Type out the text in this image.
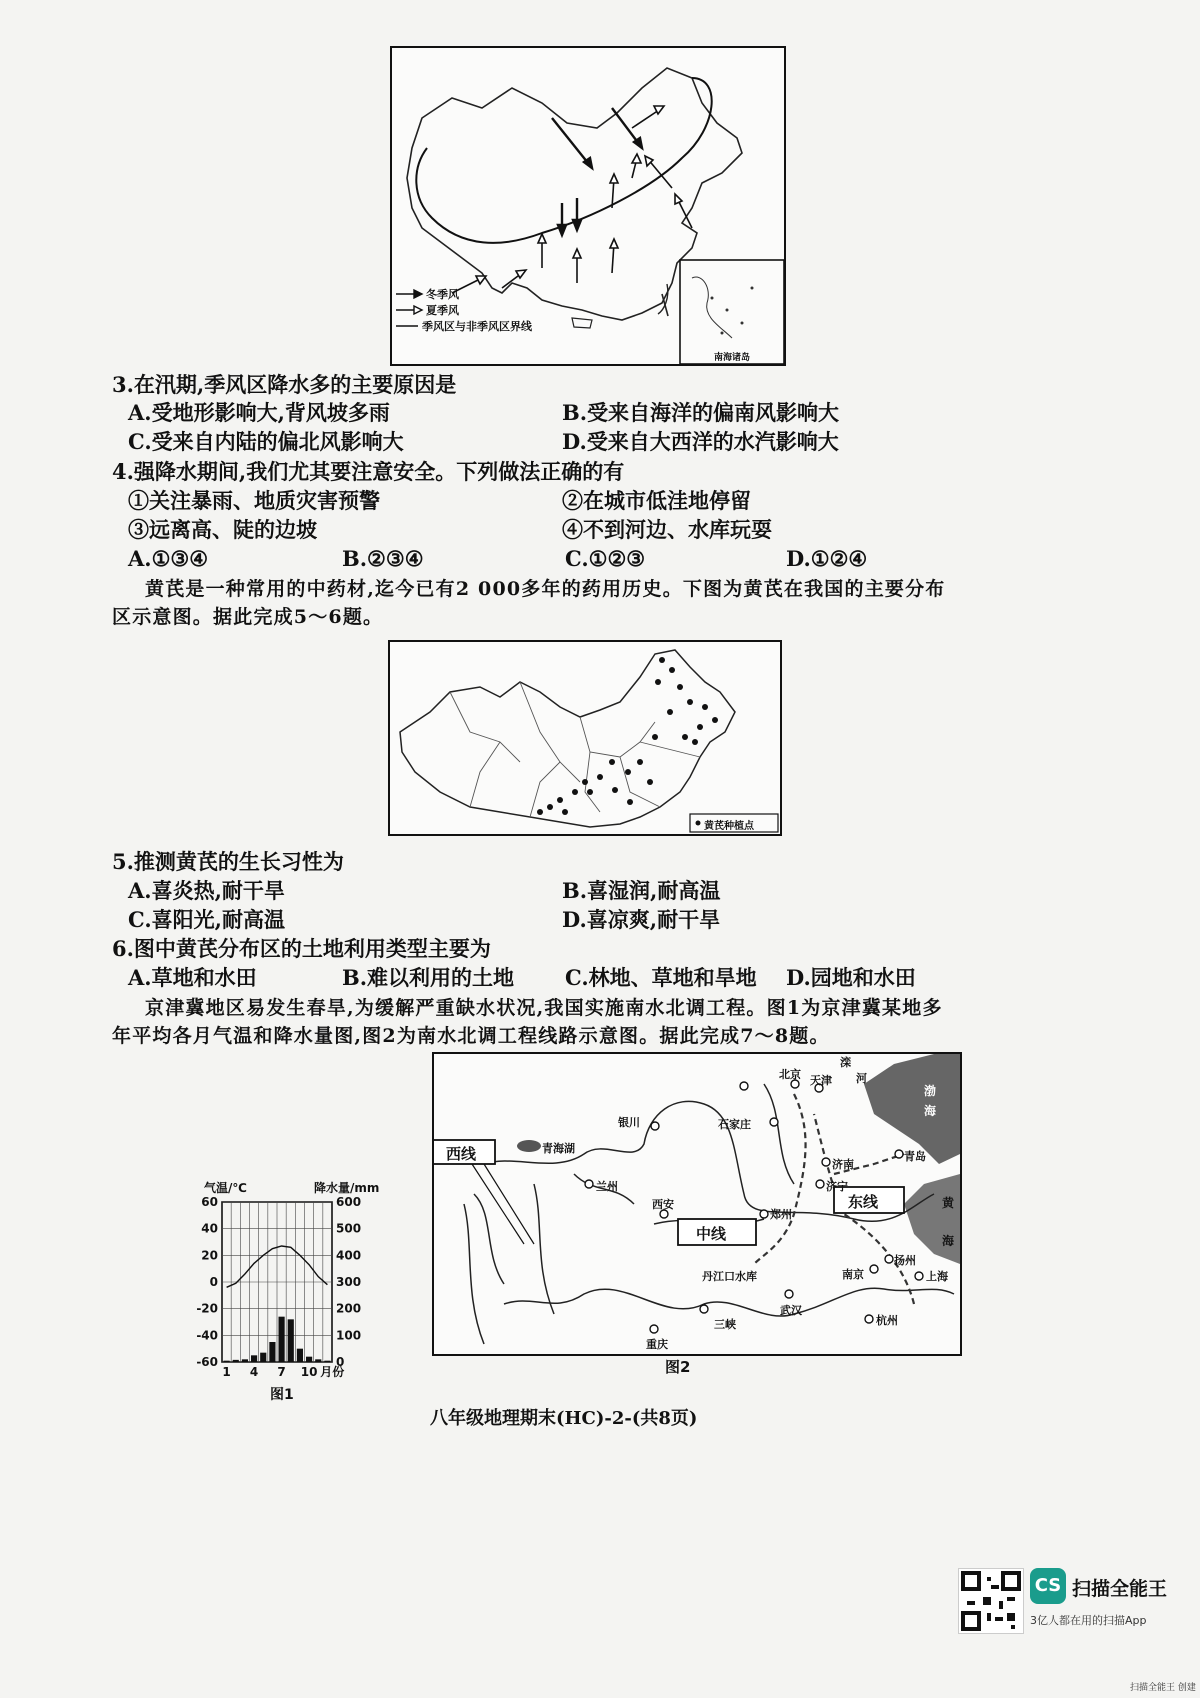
冬季风
夏季风
季风区与非季风区界线
南海诸岛
3.在汛期,季风区降水多的主要原因是
A.受地形影响大,背风坡多雨	B.受来自海洋的偏南风影响大
C.受来自内陆的偏北风影响大	D.受来自大西洋的水汽影响大
4.强降水期间,我们尤其要注意安全。下列做法正确的有
①关注暴雨、地质灾害预警	②在城市低洼地停留
③远离高、陡的边坡	④不到河边、水库玩耍
A.①③④	B.②③④	C.①②③	D.①②④
黄芪是一种常用的中药材,迄今已有2 000多年的药用历史。下图为黄芪在我国的主要分布
区示意图。据此完成5～6题。
黄芪种植点
5.推测黄芪的生长习性为
A.喜炎热,耐干旱	B.喜湿润,耐高温
C.喜阳光,耐高温	D.喜凉爽,耐干旱
6.图中黄芪分布区的土地利用类型主要为
A.草地和水田	B.难以利用的土地 C.林地、草地和旱地 D.园地和水田
京津冀地区易发生春旱,为缓解严重缺水状况,我国实施南水北调工程。图1为京津冀某地多
年平均各月气温和降水量图,图2为南水北调工程线路示意图。据此完成7～8题。
气温/℃	降水量/mm
60
40
20
0
-20
-40
-60
600
500
400
300
200
100
0
1 4 7 10 月份
图1
西线
中线
东线
北京 天津
石家庄
银川
青海湖
兰州
西安
郑州
济南
济宁
青岛
扬州
南京	上海
杭州
武汉
重庆
丹江口水库
三峡
渤
海
黄
海
滦
河
图2
八年级地理期末(HC)-2-(共8页)
CS 扫描全能王
3亿人都在用的扫描App
扫描全能王 创建
